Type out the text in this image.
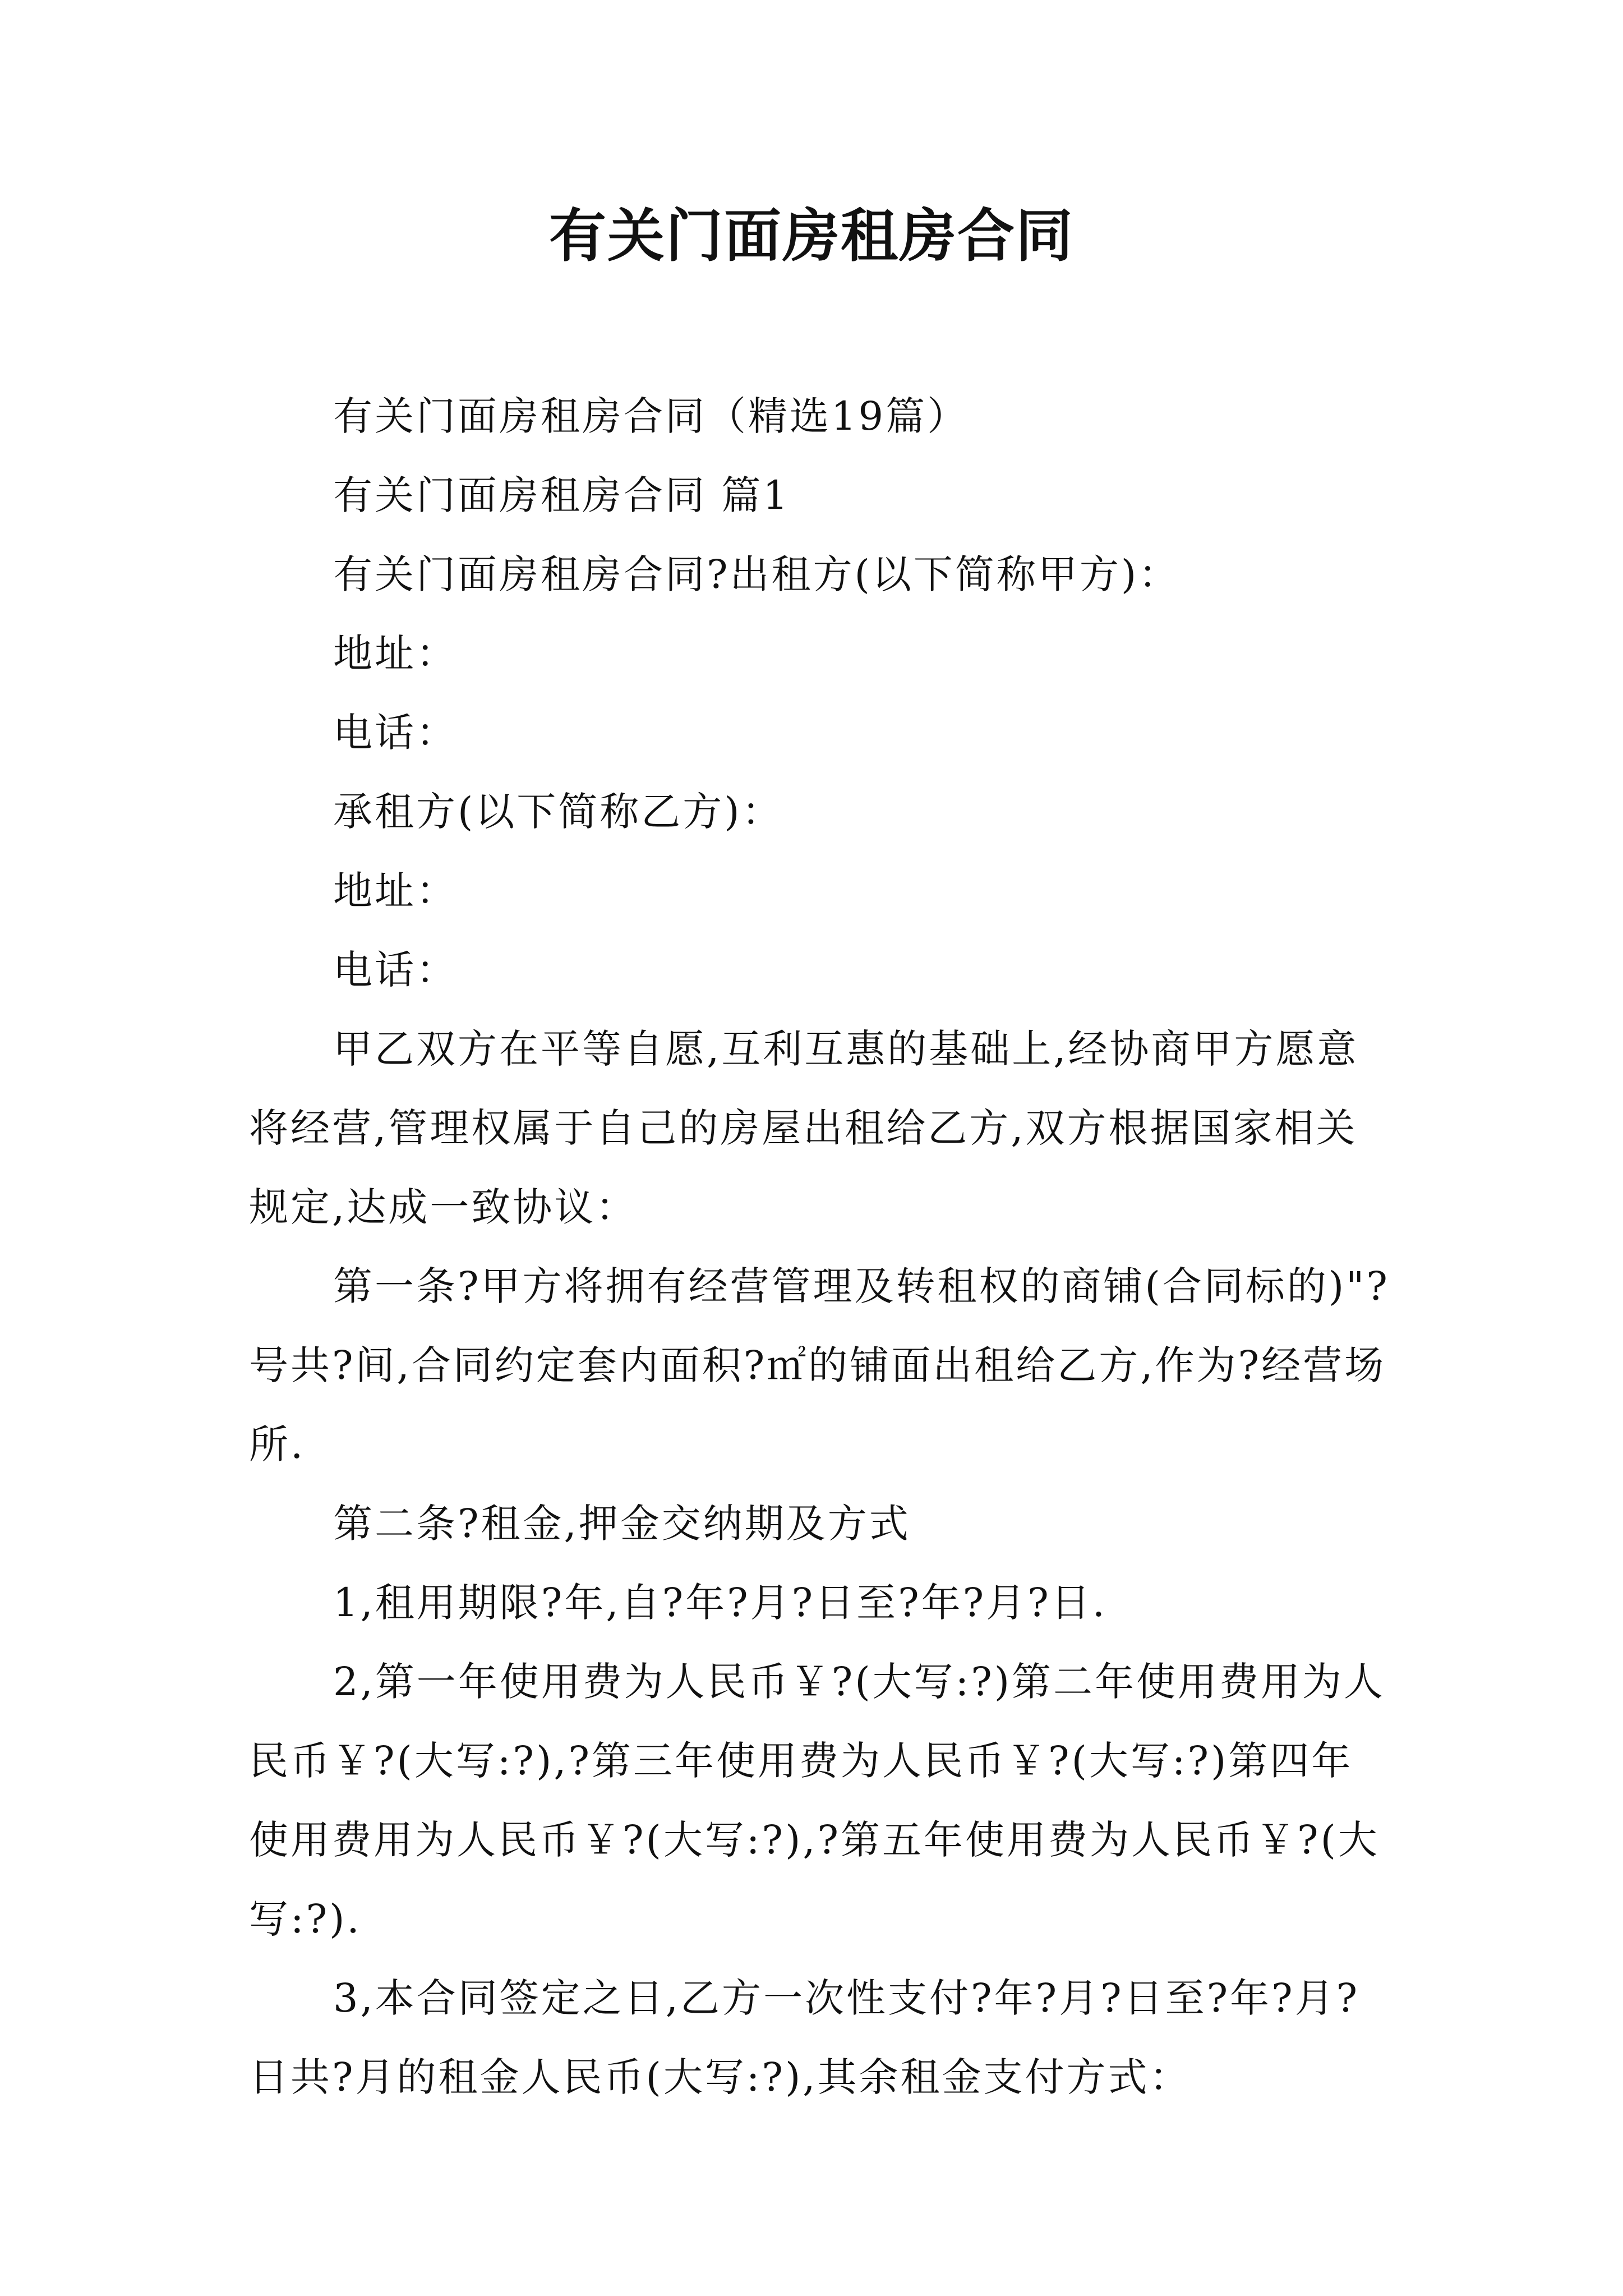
有关门面房租房合同

有关门面房租房合同（精选19篇）

有关门面房租房合同 篇1

有关门面房租房合同?出租方(以下简称甲方)：

地址：

电话：

承租方(以下简称乙方)：

地址：

电话：

甲乙双方在平等自愿,互利互惠的基础上,经协商甲方愿意将经营,管理权属于自己的房屋出租给乙方,双方根据国家相关规定,达成一致协议：

第一条?甲方将拥有经营管理及转租权的商铺(合同标的)"?号共?间,合同约定套内面积?㎡的铺面出租给乙方,作为?经营场所.

第二条?租金,押金交纳期及方式

1,租用期限?年,自?年?月?日至?年?月?日.

2,第一年使用费为人民币￥?(大写:?)第二年使用费用为人民币￥?(大写:?),?第三年使用费为人民币￥?(大写:?)第四年使用费用为人民币￥?(大写:?),?第五年使用费为人民币￥?(大写:?).

3,本合同签定之日,乙方一次性支付?年?月?日至?年?月?日共?月的租金人民币(大写:?),其余租金支付方式：
